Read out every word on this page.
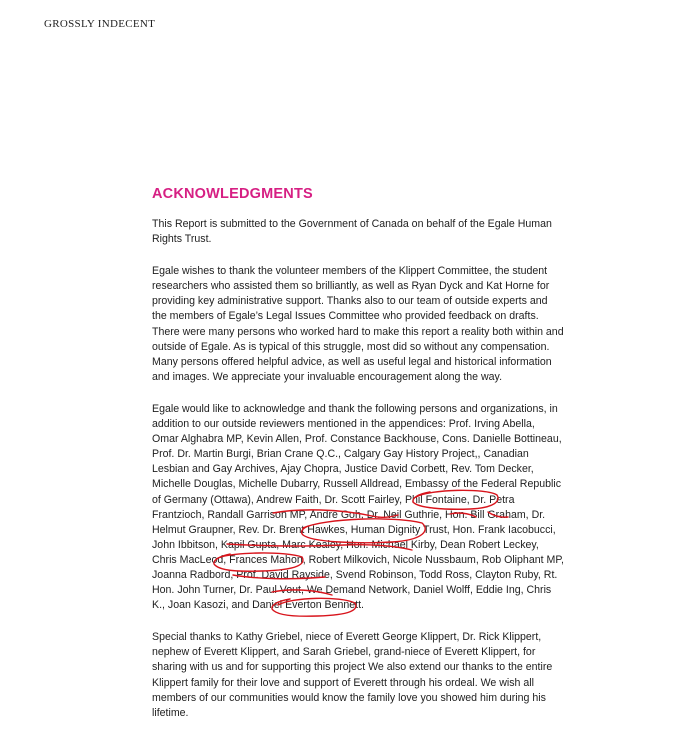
GROSSLY INDECENT
ACKNOWLEDGMENTS

This Report is submitted to the Government of Canada on behalf of the Egale Human Rights Trust.

Egale wishes to thank the volunteer members of the Klippert Committee, the student researchers who assisted them so brilliantly, as well as Ryan Dyck and Kat Horne for providing key administrative support. Thanks also to our team of outside experts and the members of Egale’s Legal Issues Committee who provided feedback on drafts. There were many persons who worked hard to make this report a reality both within and outside of Egale. As is typical of this struggle, most did so without any compensation. Many persons offered helpful advice, as well as useful legal and historical information and images. We appreciate your invaluable encouragement along the way.

Egale would like to acknowledge and thank the following persons and organizations, in addition to our outside reviewers mentioned in the appendices: Prof. Irving Abella, Omar Alghabra MP, Kevin Allen, Prof. Constance Backhouse, Cons. Danielle Bottineau, Prof. Dr. Martin Burgi, Brian Crane Q.C., Calgary Gay History Project,, Canadian Lesbian and Gay Archives, Ajay Chopra, Justice David Corbett, Rev. Tom Decker, Michelle Douglas, Michelle Dubarry, Russell Alldread, Embassy of the Federal Republic of Germany (Ottawa), Andrew Faith, Dr. Scott Fairley, Phil Fontaine, Dr. Petra Frantzioch, Randall Garrison MP, André Goh, Dr. Neil Guthrie, Hon. Bill Graham, Dr. Helmut Graupner, Rev. Dr. Brent Hawkes, Human Dignity Trust, Hon. Frank Iacobucci, John Ibbitson, Kapil Gupta, Marc Kealey, Hon. Michael Kirby, Dean Robert Leckey, Chris MacLeod, Frances Mahon, Robert Milkovich, Nicole Nussbaum, Rob Oliphant MP, Joanna Radbord, Prof. David Rayside, Svend Robinson, Todd Ross, Clayton Ruby, Rt. Hon. John Turner, Dr. Paul Vout, We Demand Network, Daniel Wolff, Eddie Ing, Chris K., Joan Kasozi, and Daniel Everton Bennett.

Special thanks to Kathy Griebel, niece of Everett George Klippert, Dr. Rick Klippert, nephew of Everett Klippert, and Sarah Griebel, grand-niece of Everett Klippert, for sharing with us and for supporting this project We also extend our thanks to the entire Klippert family for their love and support of Everett through his ordeal. We wish all members of our communities would know the family love you showed him during his lifetime.
